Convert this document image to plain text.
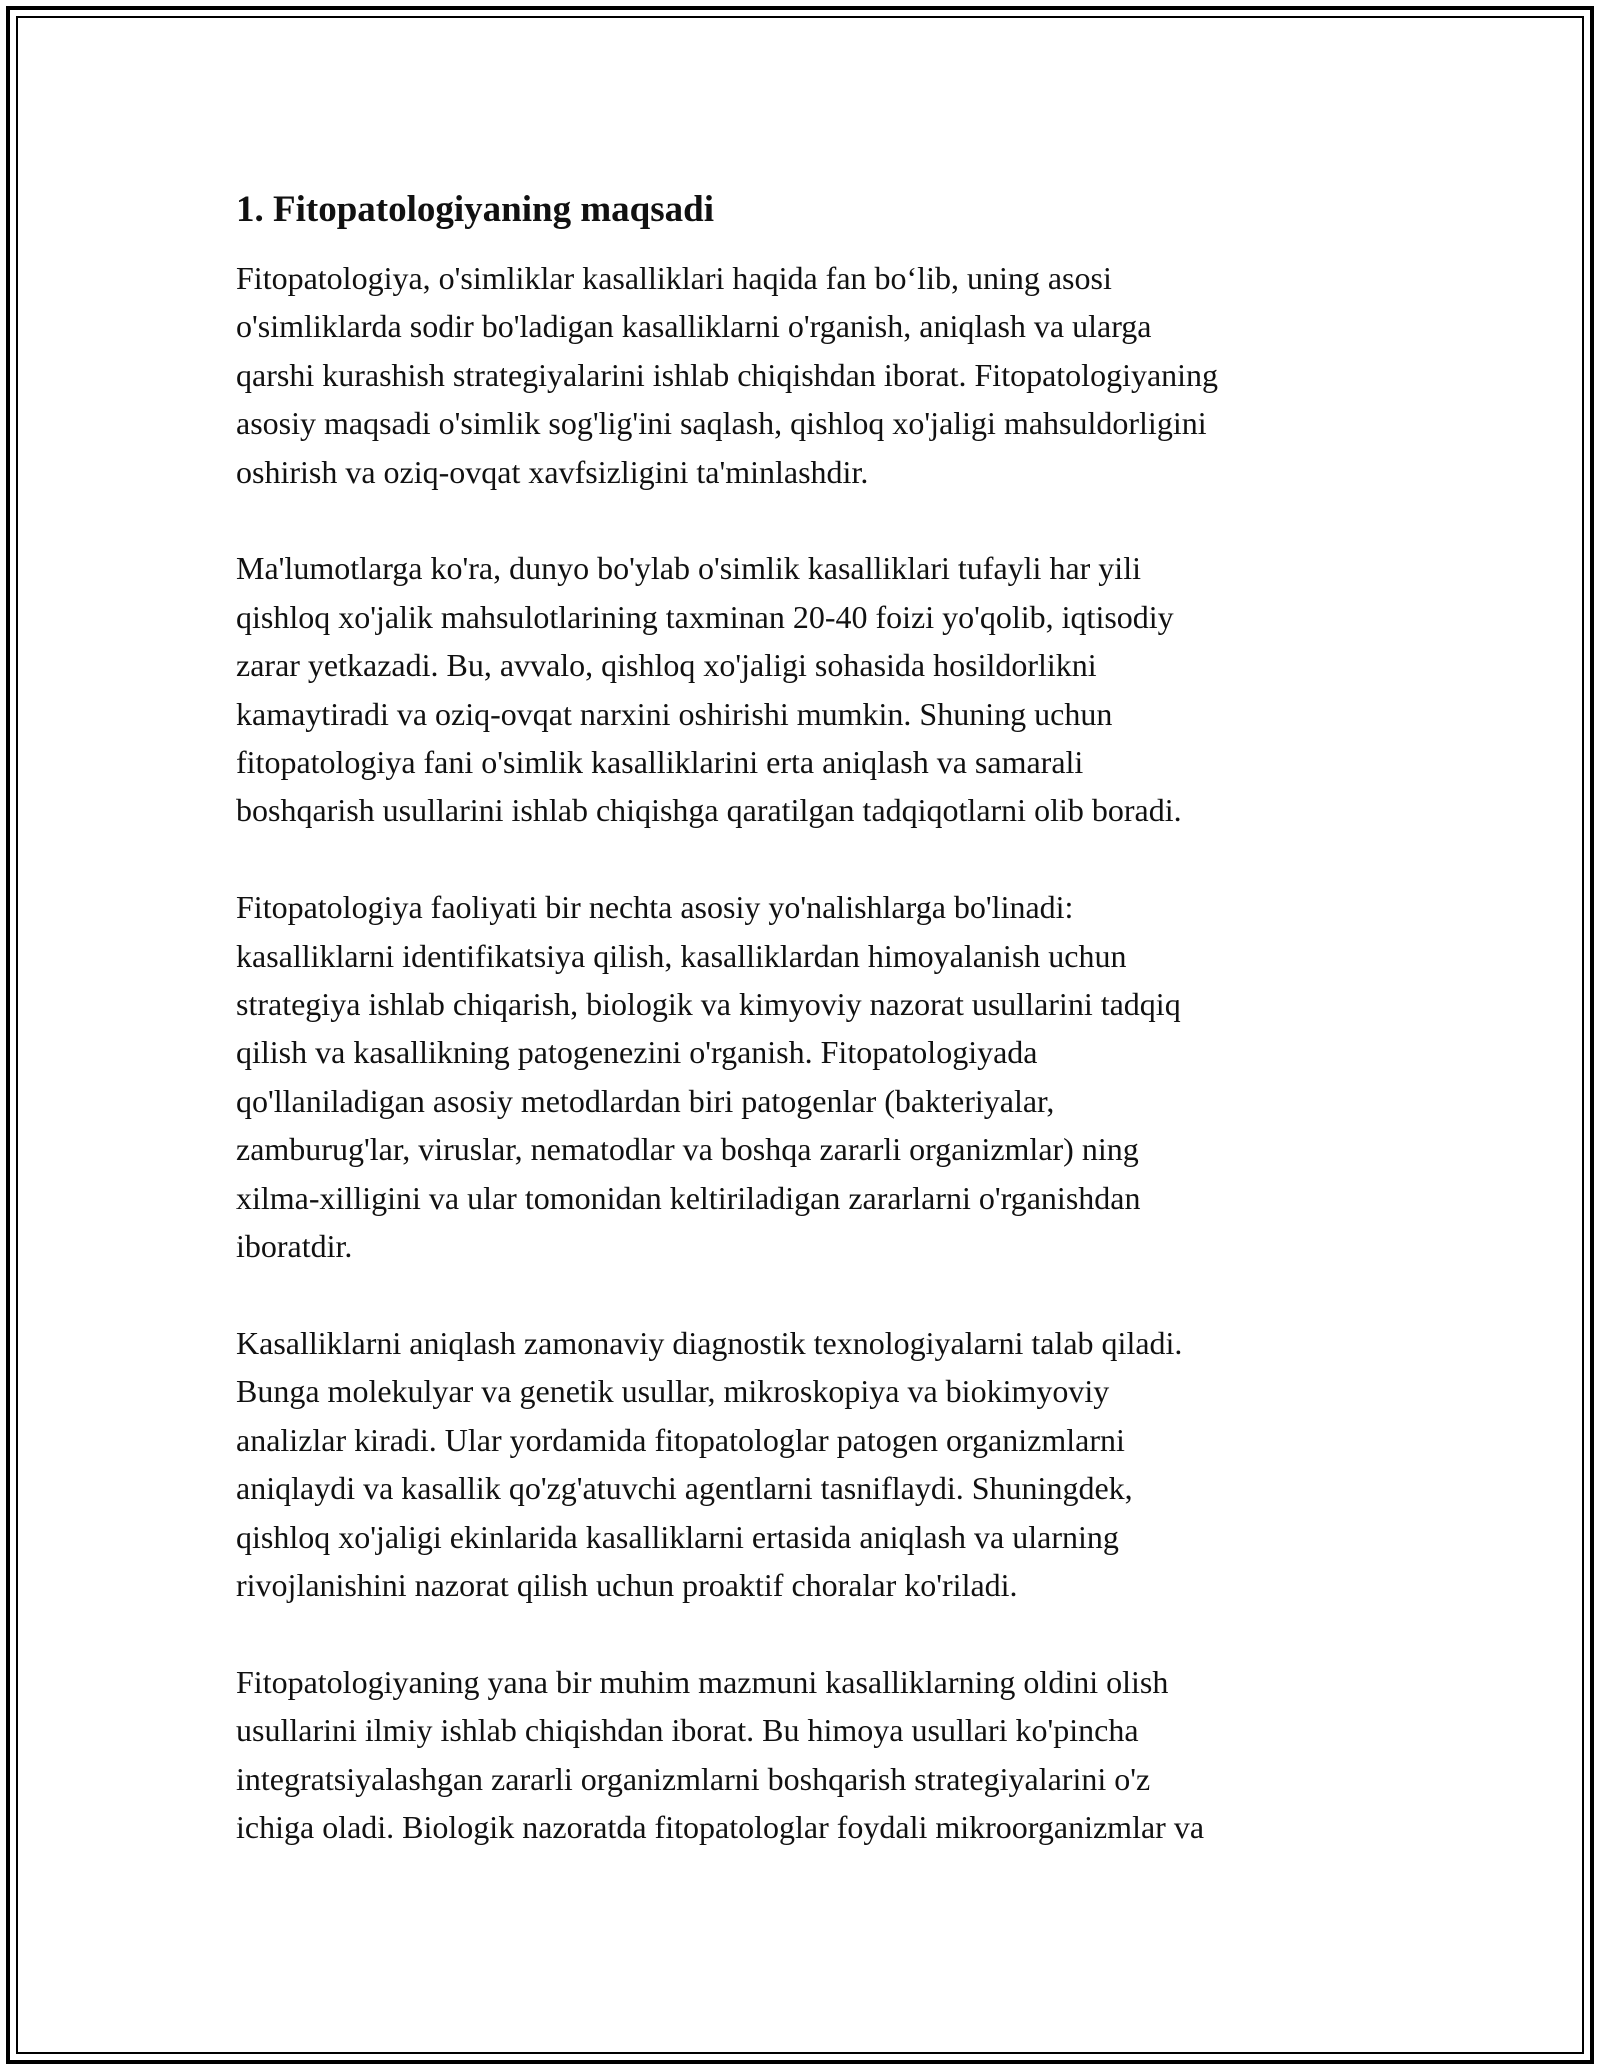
1. Fitopatologiyaning maqsadi
Fitopatologiya, o'simliklar kasalliklari haqida fan bo‘lib, uning asosi
o'simliklarda sodir bo'ladigan kasalliklarni o'rganish, aniqlash va ularga
qarshi kurashish strategiyalarini ishlab chiqishdan iborat. Fitopatologiyaning
asosiy maqsadi o'simlik sog'lig'ini saqlash, qishloq xo'jaligi mahsuldorligini
oshirish va oziq-ovqat xavfsizligini ta'minlashdir.
Ma'lumotlarga ko'ra, dunyo bo'ylab o'simlik kasalliklari tufayli har yili
qishloq xo'jalik mahsulotlarining taxminan 20-40 foizi yo'qolib, iqtisodiy
zarar yetkazadi. Bu, avvalo, qishloq xo'jaligi sohasida hosildorlikni
kamaytiradi va oziq-ovqat narxini oshirishi mumkin. Shuning uchun
fitopatologiya fani o'simlik kasalliklarini erta aniqlash va samarali
boshqarish usullarini ishlab chiqishga qaratilgan tadqiqotlarni olib boradi.
Fitopatologiya faoliyati bir nechta asosiy yo'nalishlarga bo'linadi:
kasalliklarni identifikatsiya qilish, kasalliklardan himoyalanish uchun
strategiya ishlab chiqarish, biologik va kimyoviy nazorat usullarini tadqiq
qilish va kasallikning patogenezini o'rganish. Fitopatologiyada
qo'llaniladigan asosiy metodlardan biri patogenlar (bakteriyalar,
zamburug'lar, viruslar, nematodlar va boshqa zararli organizmlar) ning
xilma-xilligini va ular tomonidan keltiriladigan zararlarni o'rganishdan
iboratdir.
Kasalliklarni aniqlash zamonaviy diagnostik texnologiyalarni talab qiladi.
Bunga molekulyar va genetik usullar, mikroskopiya va biokimyoviy
analizlar kiradi. Ular yordamida fitopatologlar patogen organizmlarni
aniqlaydi va kasallik qo'zg'atuvchi agentlarni tasniflaydi. Shuningdek,
qishloq xo'jaligi ekinlarida kasalliklarni ertasida aniqlash va ularning
rivojlanishini nazorat qilish uchun proaktif choralar ko'riladi.
Fitopatologiyaning yana bir muhim mazmuni kasalliklarning oldini olish
usullarini ilmiy ishlab chiqishdan iborat. Bu himoya usullari ko'pincha
integratsiyalashgan zararli organizmlarni boshqarish strategiyalarini o'z
ichiga oladi. Biologik nazoratda fitopatologlar foydali mikroorganizmlar va
